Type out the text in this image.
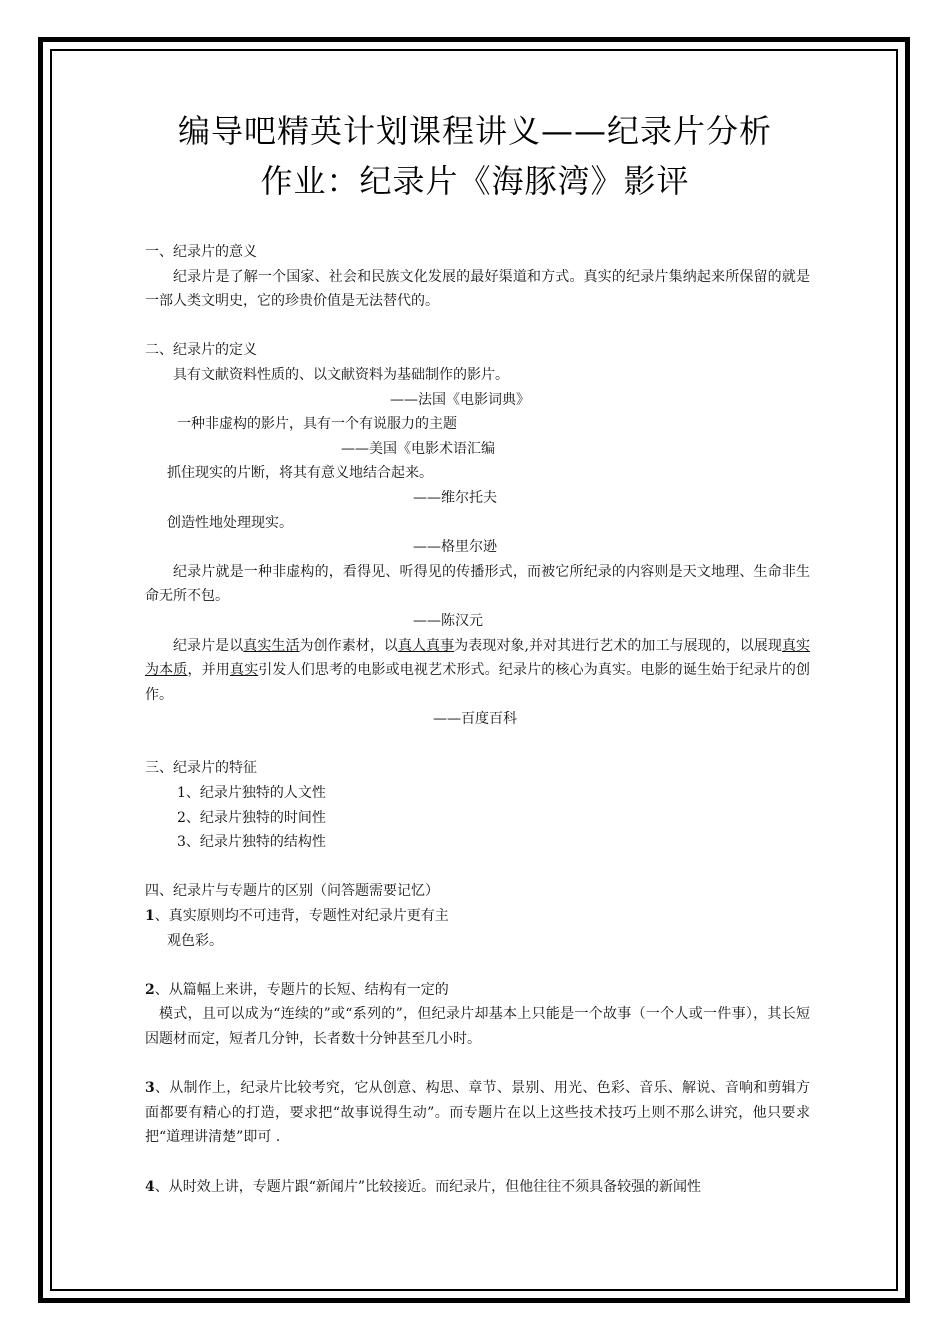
编导吧精英计划课程讲义——纪录片分析
作业：纪录片《海豚湾》影评

一、纪录片的意义

纪录片是了解一个国家、社会和民族文化发展的最好渠道和方式。真实的纪录片集纳起来所保留的就是一部人类文明史，它的珍贵价值是无法替代的。

二、纪录片的定义

具有文献资料性质的、以文献资料为基础制作的影片。

——法国《电影词典》

一种非虚构的影片，具有一个有说服力的主题

——美国《电影术语汇编

抓住现实的片断，将其有意义地结合起来。

——维尔托夫

创造性地处理现实。

——格里尔逊

纪录片就是一种非虚构的，看得见、听得见的传播形式，而被它所纪录的内容则是天文地理、生命非生命无所不包。

——陈汉元

纪录片是以真实生活为创作素材，以真人真事为表现对象,并对其进行艺术的加工与展现的，以展现真实为本质，并用真实引发人们思考的电影或电视艺术形式。纪录片的核心为真实。电影的诞生始于纪录片的创作。

——百度百科

三、纪录片的特征

1、纪录片独特的人文性

2、纪录片独特的时间性

3、纪录片独特的结构性

四、纪录片与专题片的区别（问答题需要记忆）

1、真实原则均不可违背，专题性对纪录片更有主

观色彩。

2、从篇幅上来讲，专题片的长短、结构有一定的

模式，且可以成为“连续的”或“系列的”，但纪录片却基本上只能是一个故事（一个人或一件事），其长短因题材而定，短者几分钟，长者数十分钟甚至几小时。

3、从制作上，纪录片比较考究，它从创意、构思、章节、景别、用光、色彩、音乐、解说、音响和剪辑方面都要有精心的打造，要求把“故事说得生动”。而专题片在以上这些技术技巧上则不那么讲究，他只要求把“道理讲清楚”即可 .

4、从时效上讲，专题片跟“新闻片”比较接近。而纪录片，但他往往不须具备较强的新闻性
